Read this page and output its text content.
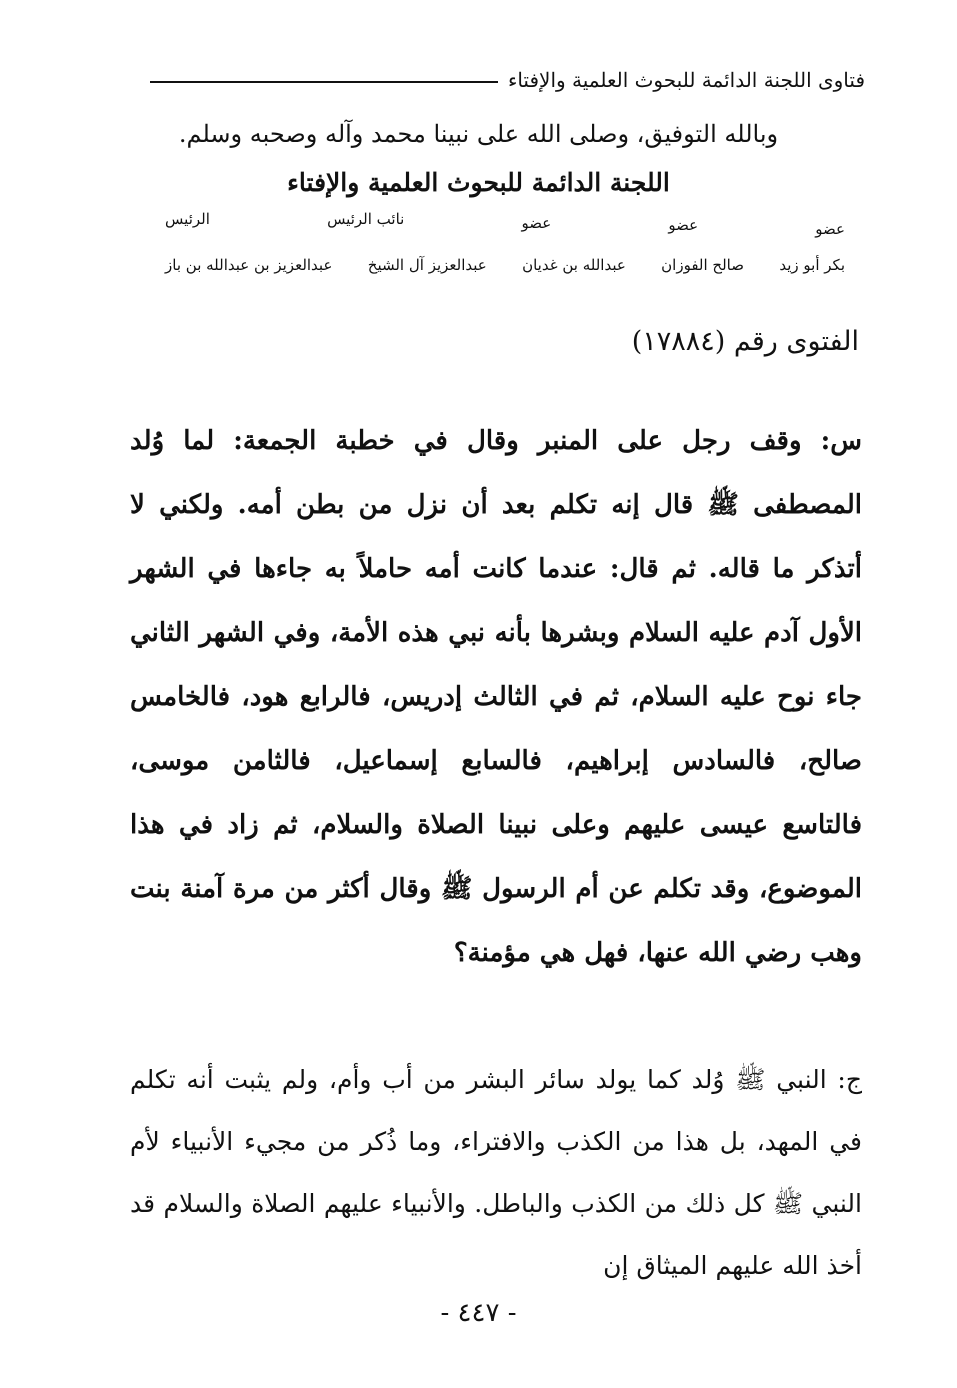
فتاوى اللجنة الدائمة للبحوث العلمية والإفتاء
وبالله التوفيق، وصلى الله على نبينا محمد وآله وصحبه وسلم.
اللجنة الدائمة للبحوث العلمية والإفتاء
عضو
عضو
عضو
نائب الرئيس
الرئيس
بكر أبو زيد
صالح الفوزان
عبدالله بن غديان
عبدالعزيز آل الشيخ
عبدالعزيز بن عبدالله بن باز
الفتوى رقم (١٧٨٨٤)

س: وقف رجل على المنبر وقال في خطبة الجمعة: لما وُلد المصطفى ﷺ قال إنه تكلم بعد أن نزل من بطن أمه. ولكني لا أتذكر ما قاله. ثم قال: عندما كانت أمه حاملاً به جاءها في الشهر الأول آدم عليه السلام وبشرها بأنه نبي هذه الأمة، وفي الشهر الثاني جاء نوح عليه السلام، ثم في الثالث إدريس، فالرابع هود، فالخامس صالح، فالسادس إبراهيم، فالسابع إسماعيل، فالثامن موسى، فالتاسع عيسى عليهم وعلى نبينا الصلاة والسلام، ثم زاد في هذا الموضوع، وقد تكلم عن أم الرسول ﷺ وقال أكثر من مرة آمنة بنت وهب رضي الله عنها، فهل هي مؤمنة؟

ج: النبي ﷺ وُلد كما يولد سائر البشر من أب وأم، ولم يثبت أنه تكلم في المهد، بل هذا من الكذب والافتراء، وما ذُكر من مجيء الأنبياء لأم النبي ﷺ كل ذلك من الكذب والباطل. والأنبياء عليهم الصلاة والسلام قد أخذ الله عليهم الميثاق إن

- ٤٤٧ -
